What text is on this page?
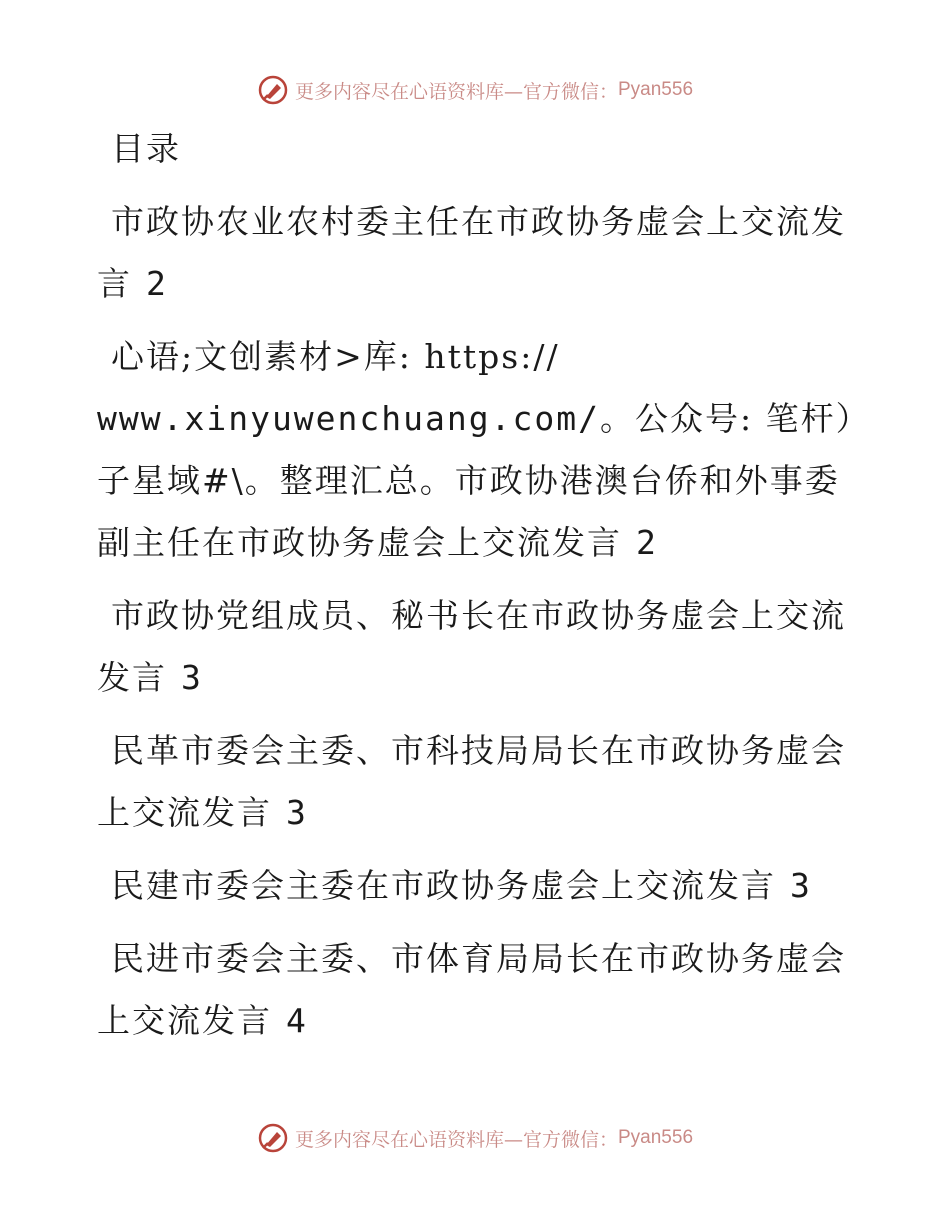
更多内容尽在心语资料库—官方微信： Pyan556

目录

市政协农业农村委主任在市政协务虚会上交流发言 2

心语;文创素材>库: https://
www.xinyuwenchuang.com/。公众号: 笔杆）子星域#\。整理汇总。市政协港澳台侨和外事委副主任在市政协务虚会上交流发言 2

市政协党组成员、秘书长在市政协务虚会上交流发言 3

民革市委会主委、市科技局局长在市政协务虚会上交流发言 3

民建市委会主委在市政协务虚会上交流发言 3

民进市委会主委、市体育局局长在市政协务虚会上交流发言 4

更多内容尽在心语资料库—官方微信： Pyan556
